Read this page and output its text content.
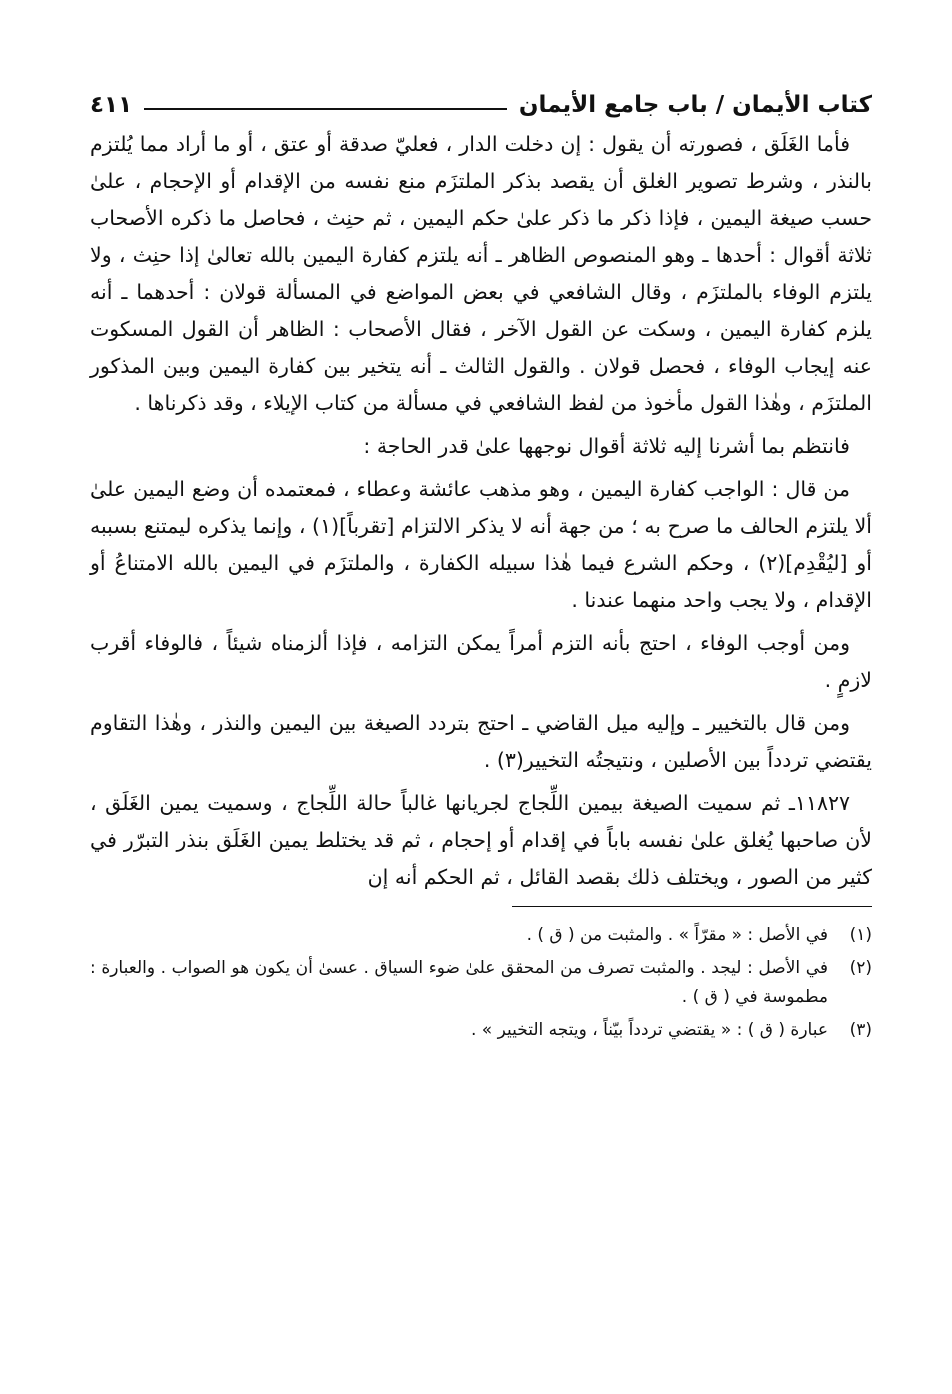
كتاب الأيمان / باب جامع الأيمان
٤١١

فأما الغَلَق ، فصورته أن يقول : إن دخلت الدار ، فعليّ صدقة أو عتق ، أو ما أراد مما يُلتزم بالنذر ، وشرط تصوير الغلق أن يقصد بذكر الملتزَم منع نفسه من الإقدام أو الإحجام ، علىٰ حسب صيغة اليمين ، فإذا ذكر ما ذكر علىٰ حكم اليمين ، ثم حنِث ، فحاصل ما ذكره الأصحاب ثلاثة أقوال : أحدها ـ وهو المنصوص الظاهر ـ أنه يلتزم كفارة اليمين بالله تعالىٰ إذا حنِث ، ولا يلتزم الوفاء بالملتزَم ، وقال الشافعي في بعض المواضع في المسألة قولان : أحدهما ـ أنه يلزم كفارة اليمين ، وسكت عن القول الآخر ، فقال الأصحاب : الظاهر أن القول المسكوت عنه إيجاب الوفاء ، فحصل قولان . والقول الثالث ـ أنه يتخير بين كفارة اليمين وبين المذكور الملتزَم ، وهٰذا القول مأخوذ من لفظ الشافعي في مسألة من كتاب الإيلاء ، وقد ذكرناها .

فانتظم بما أشرنا إليه ثلاثة أقوال نوجهها علىٰ قدر الحاجة :

من قال : الواجب كفارة اليمين ، وهو مذهب عائشة وعطاء ، فمعتمده أن وضع اليمين علىٰ ألا يلتزم الحالف ما صرح به ؛ من جهة أنه لا يذكر الالتزام [تقرباً](١) ، وإنما يذكره ليمتنع بسببه أو [ليُقْدِم](٢) ، وحكم الشرع فيما هٰذا سبيله الكفارة ، والملتزَم في اليمين بالله الامتناعُ أو الإقدام ، ولا يجب واحد منهما عندنا .

ومن أوجب الوفاء ، احتج بأنه التزم أمراً يمكن التزامه ، فإذا ألزمناه شيئاً ، فالوفاء أقرب لازمٍ .

ومن قال بالتخيير ـ وإليه ميل القاضي ـ احتج بتردد الصيغة بين اليمين والنذر ، وهٰذا التقاوم يقتضي تردداً بين الأصلين ، ونتيجتُه التخيير(٣) .

١١٨٢٧ـ ثم سميت الصيغة بيمين اللِّجاج لجريانها غالباً حالة اللِّجاج ، وسميت يمين الغَلَق ، لأن صاحبها يُغلق علىٰ نفسه باباً في إقدام أو إحجام ، ثم قد يختلط يمين الغَلَق بنذر التبرّر في كثير من الصور ، ويختلف ذلك بقصد القائل ، ثم الحكم أنه إن

(١)
في الأصل : « مقرّاً » . والمثبت من ( ق ) .
(٢)
في الأصل : ليجد . والمثبت تصرف من المحقق علىٰ ضوء السياق . عسىٰ أن يكون هو الصواب . والعبارة : مطموسة في ( ق ) .
(٣)
عبارة ( ق ) : « يقتضي تردداً بيّناً ، ويتجه التخيير » .
